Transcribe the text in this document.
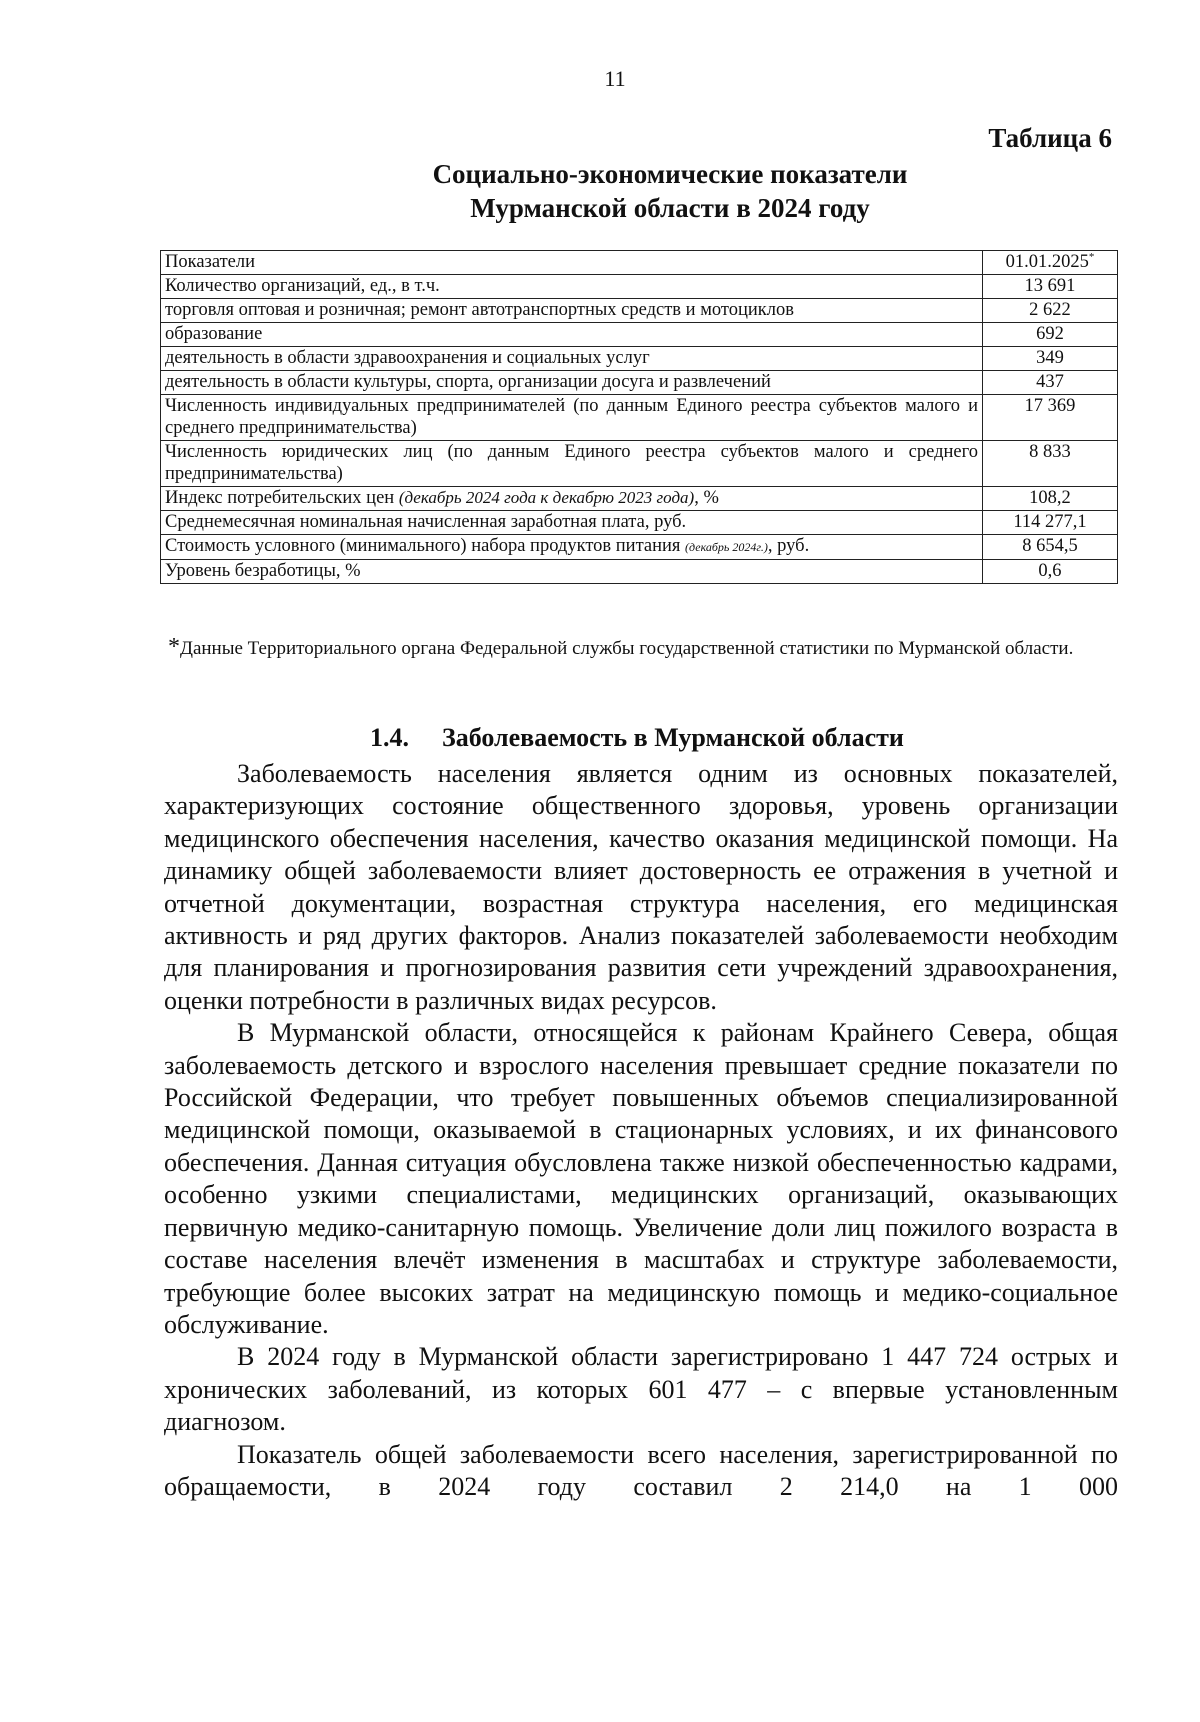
11
Таблица 6
Социально-экономические показатели
Мурманской области в 2024 году
Показатели	01.01.2025*
Количество организаций, ед., в т.ч.	13 691
торговля оптовая и розничная; ремонт автотранспортных средств и мотоциклов	2 622
образование	692
деятельность в области здравоохранения и социальных услуг	349
деятельность в области культуры, спорта, организации досуга и развлечений	437
Численность индивидуальных предпринимателей (по данным Единого реестра субъектов малого и среднего предпринимательства)	17 369
Численность юридических лиц (по данным Единого реестра субъектов малого и среднего предпринимательства)	8 833
Индекс потребительских цен (декабрь 2024 года к декабрю 2023 года), %	108,2
Среднемесячная номинальная начисленная заработная плата, руб.	114 277,1
Стоимость условного (минимального) набора продуктов питания (декабрь 2024г.), руб.	8 654,5
Уровень безработицы, %	0,6
*Данные Территориального органа Федеральной службы государственной статистики по Мурманской области.
1.4. Заболеваемость в Мурманской области

Заболеваемость населения является одним из основных показателей, характеризующих состояние общественного здоровья, уровень организации медицинского обеспечения населения, качество оказания медицинской помощи. На динамику общей заболеваемости влияет достоверность ее отражения в учетной и отчетной документации, возрастная структура населения, его медицинская активность и ряд других факторов. Анализ показателей заболеваемости необходим для планирования и прогнозирования развития сети учреждений здравоохранения, оценки потребности в различных видах ресурсов.

В Мурманской области, относящейся к районам Крайнего Севера, общая заболеваемость детского и взрослого населения превышает средние показатели по Российской Федерации, что требует повышенных объемов специализированной медицинской помощи, оказываемой в стационарных условиях, и их финансового обеспечения. Данная ситуация обусловлена также низкой обеспеченностью кадрами, особенно узкими специалистами, медицинских организаций, оказывающих первичную медико-санитарную помощь. Увеличение доли лиц пожилого возраста в составе населения влечёт изменения в масштабах и структуре заболеваемости, требующие более высоких затрат на медицинскую помощь и медико-социальное обслуживание.

В 2024 году в Мурманской области зарегистрировано 1 447 724 острых и хронических заболеваний, из которых 601 477 – с впервые установленным диагнозом.

Показатель общей заболеваемости всего населения, зарегистрированной по обращаемости, в 2024 году составил 2 214,0 на 1 000
